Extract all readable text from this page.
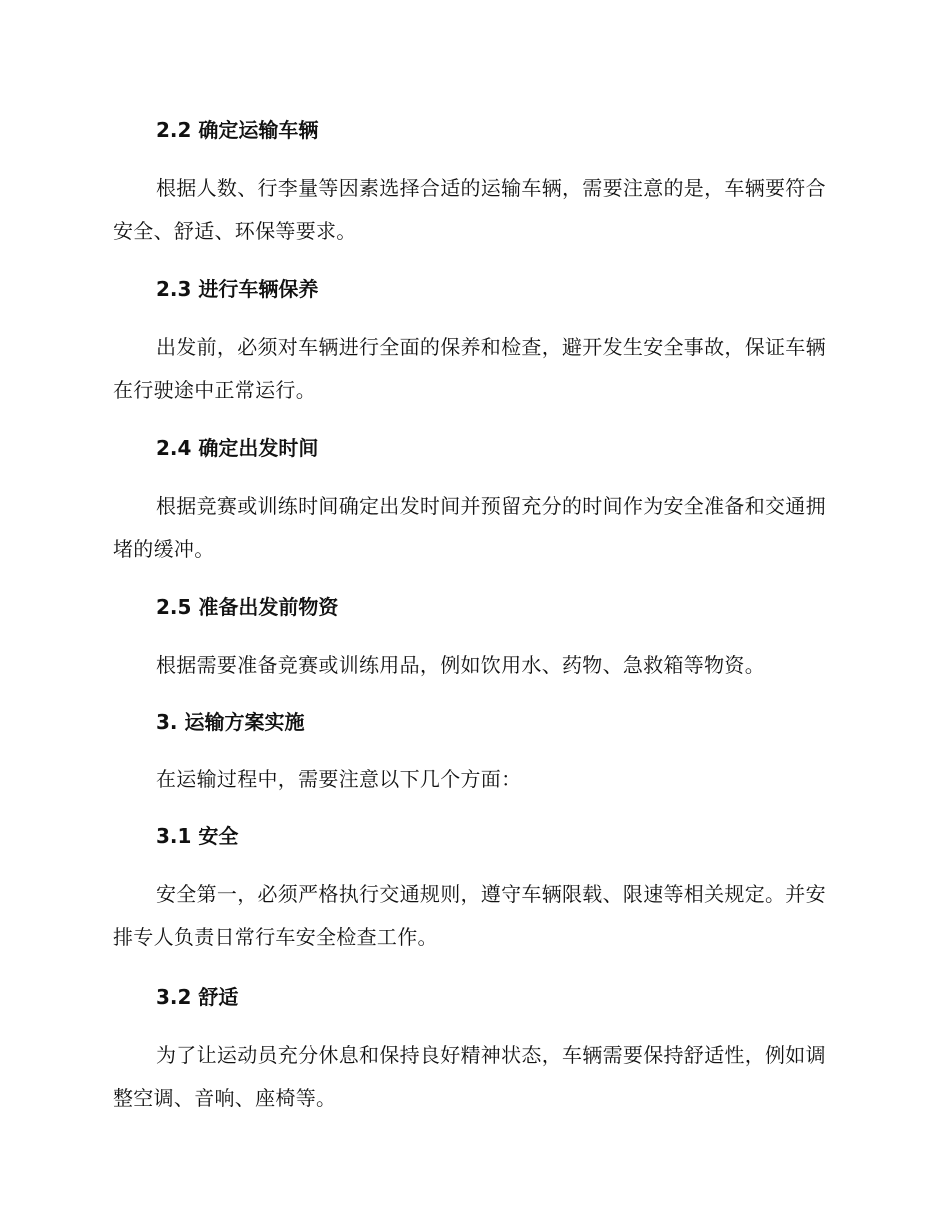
2.2 确定运输车辆

根据人数、行李量等因素选择合适的运输车辆，需要注意的是，车辆要符合安全、舒适、环保等要求。

2.3 进行车辆保养

出发前，必须对车辆进行全面的保养和检查，避开发生安全事故，保证车辆在行驶途中正常运行。

2.4 确定出发时间

根据竞赛或训练时间确定出发时间并预留充分的时间作为安全准备和交通拥堵的缓冲。

2.5 准备出发前物资

根据需要准备竞赛或训练用品，例如饮用水、药物、急救箱等物资。

3. 运输方案实施

在运输过程中，需要注意以下几个方面：

3.1 安全

安全第一，必须严格执行交通规则，遵守车辆限载、限速等相关规定。并安排专人负责日常行车安全检查工作。

3.2 舒适

为了让运动员充分休息和保持良好精神状态，车辆需要保持舒适性，例如调整空调、音响、座椅等。
